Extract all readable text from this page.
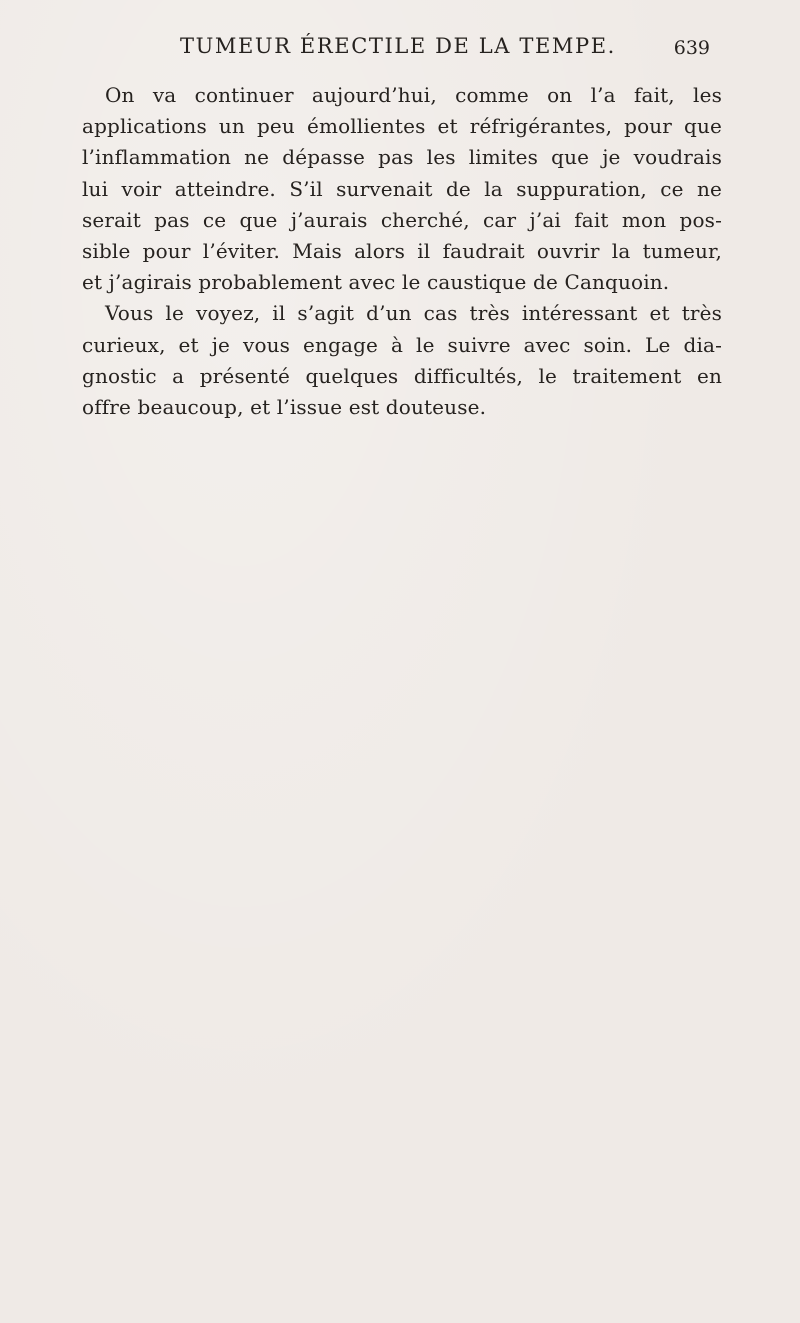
TUMEUR ÉRECTILE DE LA TEMPE.	639
On va continuer aujourd’hui, comme on l’a fait, les
applications un peu émollientes et réfrigérantes, pour que
l’inflammation ne dépasse pas les limites que je voudrais
lui voir atteindre. S’il survenait de la suppuration, ce ne
serait pas ce que j’aurais cherché, car j’ai fait mon pos-
sible pour l’éviter. Mais alors il faudrait ouvrir la tumeur,
et j’agirais probablement avec le caustique de Canquoin.
Vous le voyez, il s’agit d’un cas très intéressant et très
curieux, et je vous engage à le suivre avec soin. Le dia-
gnostic a présenté quelques difficultés, le traitement en
offre beaucoup, et l’issue est douteuse.
